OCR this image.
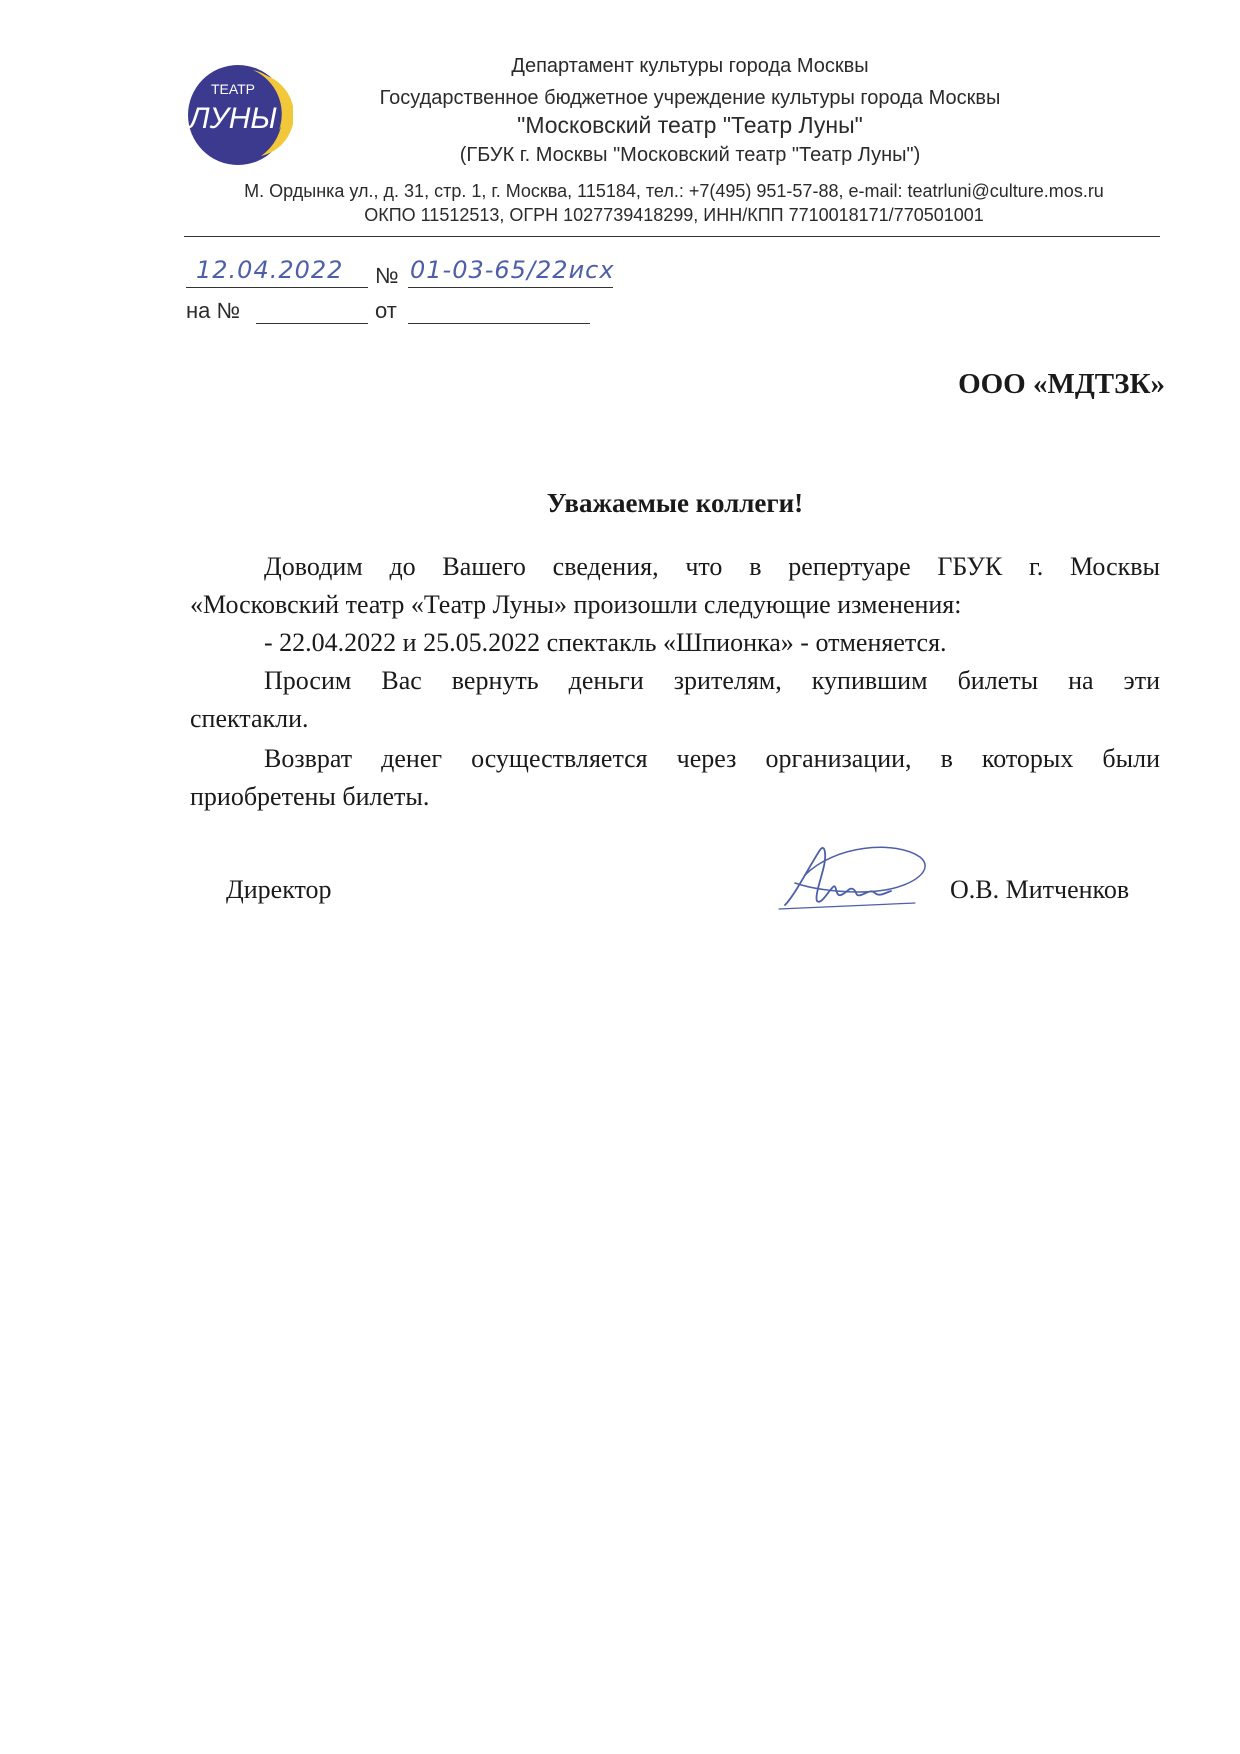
ТЕАТР
ЛУНЫ
Департамент культуры города Москвы
Государственное бюджетное учреждение культуры города Москвы
"Московский театр "Театр Луны"
(ГБУК г. Москвы "Московский театр "Театр Луны")
М. Ордынка ул., д. 31, стр. 1, г. Москва, 115184, тел.: +7(495) 951-57-88, e-mail: teatrluni@culture.mos.ru
ОКПО 11512513, ОГРН 1027739418299, ИНН/КПП 7710018171/770501001
12.04.2022 № 01-03-65/22исх
на №	от
ООО «МДТЗК»
Уважаемые коллеги!
Доводим до Вашего сведения, что в репертуаре ГБУК г. Москвы
«Московский театр «Театр Луны» произошли следующие изменения:
- 22.04.2022 и 25.05.2022 спектакль «Шпионка» - отменяется.
Просим Вас вернуть деньги зрителям, купившим билеты на эти
спектакли.
Возврат денег осуществляется через организации, в которых были
приобретены билеты.
Директор	О.В. Митченков
